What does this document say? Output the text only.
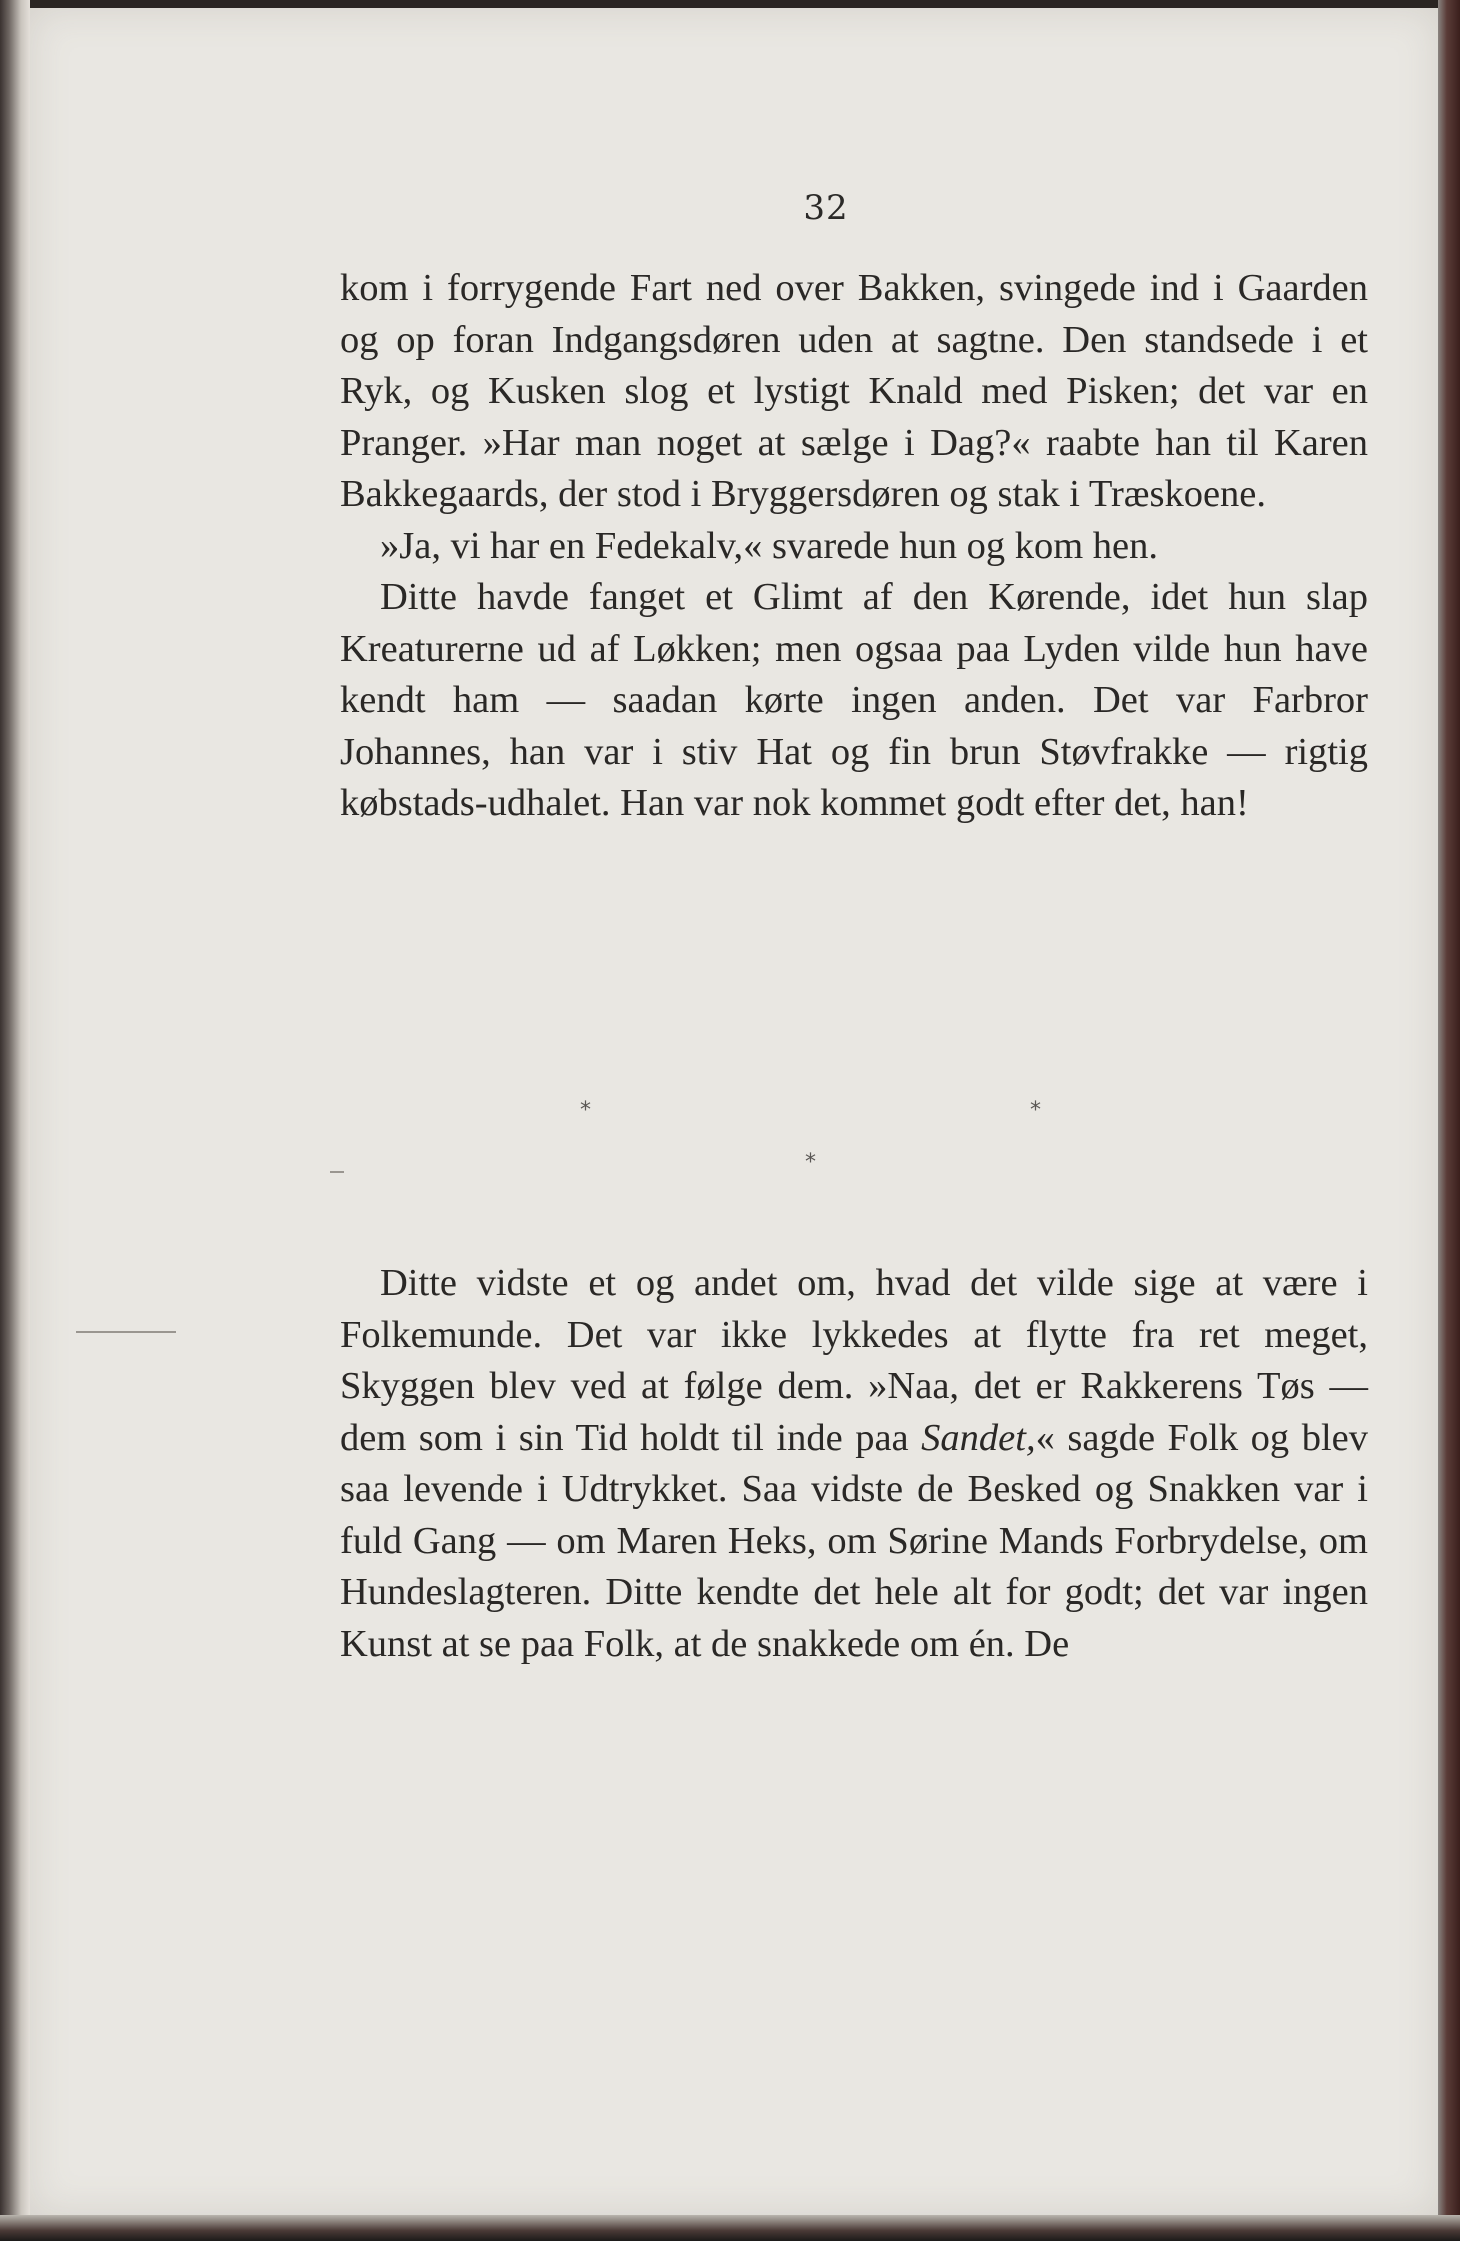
32

kom i forrygende Fart ned over Bakken, svingede ind i Gaarden og op foran Indgangsdøren uden at sagtne. Den standsede i et Ryk, og Kusken slog et lystigt Knald med Pisken; det var en Pranger. »Har man noget at sælge i Dag?« raabte han til Karen Bakkegaards, der stod i Bryggersdøren og stak i Træskoene.

»Ja, vi har en Fedekalv,« svarede hun og kom hen.

Ditte havde fanget et Glimt af den Kørende, idet hun slap Kreaturerne ud af Løkken; men ogsaa paa Lyden vilde hun have kendt ham — saadan kørte ingen anden. Det var Farbror Johannes, han var i stiv Hat og fin brun Støvfrakke — rigtig købstads-udhalet. Han var nok kommet godt efter det, han!

*	*
*

Ditte vidste et og andet om, hvad det vilde sige at være i Folkemunde. Det var ikke lykkedes at flytte fra ret meget, Skyggen blev ved at følge dem. »Naa, det er Rakkerens Tøs — dem som i sin Tid holdt til inde paa Sandet,« sagde Folk og blev saa levende i Udtrykket. Saa vidste de Besked og Snakken var i fuld Gang — om Maren Heks, om Sørine Mands Forbrydelse, om Hundeslagteren. Ditte kendte det hele alt for godt; det var ingen Kunst at se paa Folk, at de snakkede om én. De
